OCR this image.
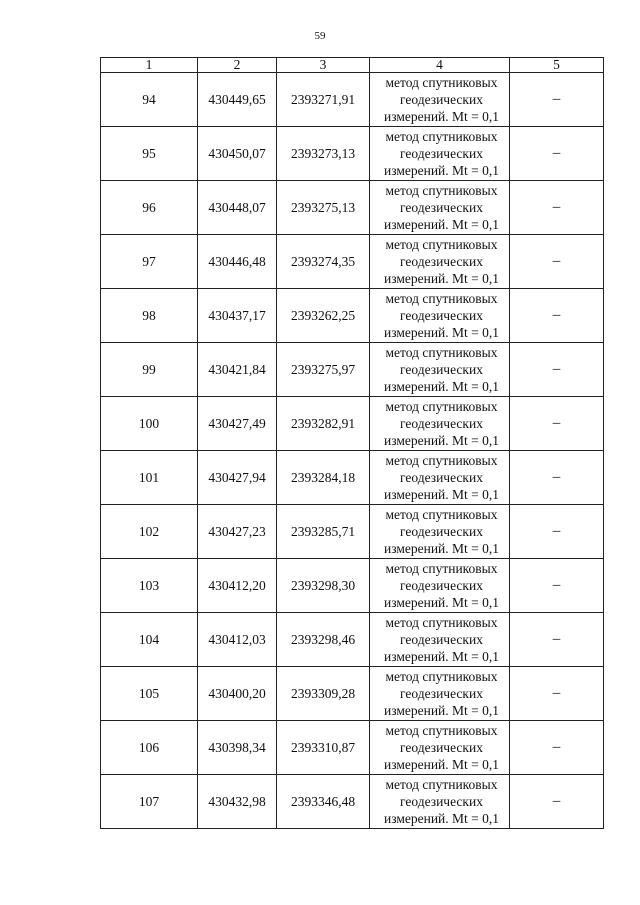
59
1	2	3	4	5
94	430449,65	2393271,91	метод спутниковых
геодезических
измерений. Mt = 0,1	–
95	430450,07	2393273,13	метод спутниковых
геодезических
измерений. Mt = 0,1	–
96	430448,07	2393275,13	метод спутниковых
геодезических
измерений. Mt = 0,1	–
97	430446,48	2393274,35	метод спутниковых
геодезических
измерений. Mt = 0,1	–
98	430437,17	2393262,25	метод спутниковых
геодезических
измерений. Mt = 0,1	–
99	430421,84	2393275,97	метод спутниковых
геодезических
измерений. Mt = 0,1	–
100	430427,49	2393282,91	метод спутниковых
геодезических
измерений. Mt = 0,1	–
101	430427,94	2393284,18	метод спутниковых
геодезических
измерений. Mt = 0,1	–
102	430427,23	2393285,71	метод спутниковых
геодезических
измерений. Mt = 0,1	–
103	430412,20	2393298,30	метод спутниковых
геодезических
измерений. Mt = 0,1	–
104	430412,03	2393298,46	метод спутниковых
геодезических
измерений. Mt = 0,1	–
105	430400,20	2393309,28	метод спутниковых
геодезических
измерений. Mt = 0,1	–
106	430398,34	2393310,87	метод спутниковых
геодезических
измерений. Mt = 0,1	–
107	430432,98	2393346,48	метод спутниковых
геодезических
измерений. Mt = 0,1	–
